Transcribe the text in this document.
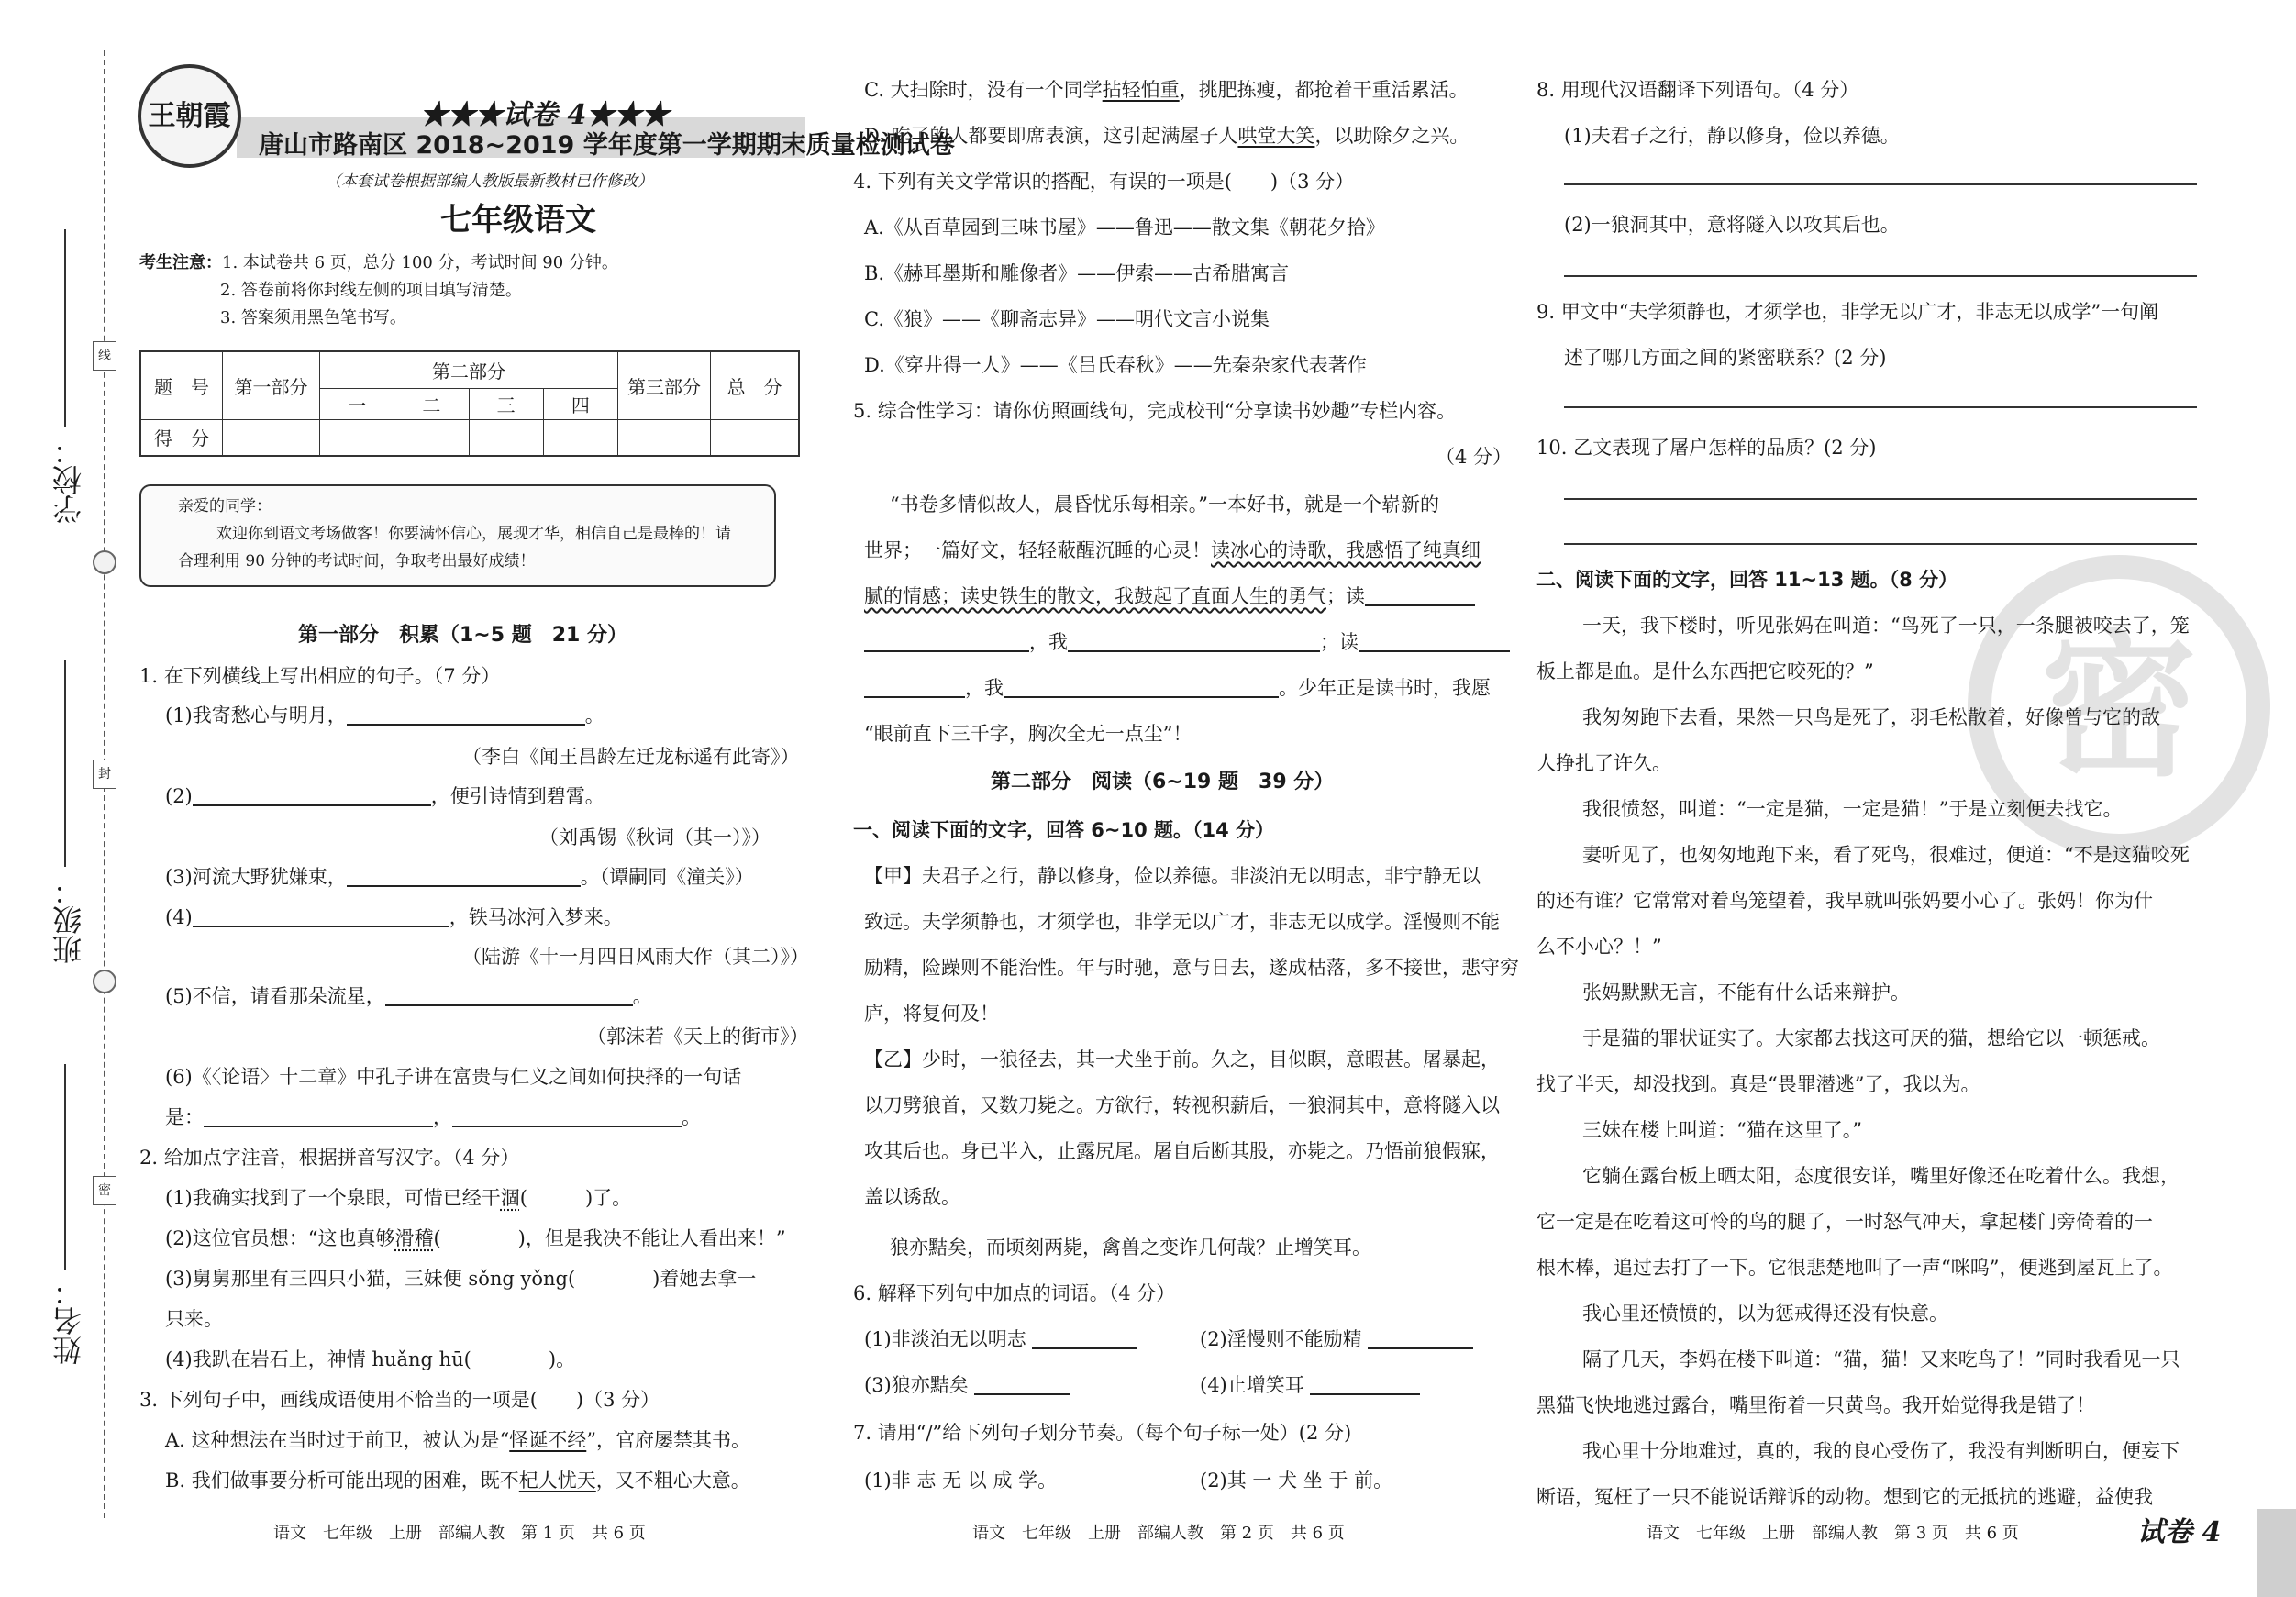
线
封
密
学校：
班级：
姓名：
王朝霞	★★★试卷 4★★★
唐山市路南区 2018~2019 学年度第一学期期末质量检测试卷
（本套试卷根据部编人教版最新教材已作修改）
七年级语文
考生注意：1. 本试卷共 6 页，总分 100 分，考试时间 90 分钟。
2. 答卷前将你封线左侧的项目填写清楚。
3. 答案须用黑色笔书写。
题　号	第一部分	第二部分				第三部分	总　分
		一	二	三	四		
得　分							
亲爱的同学：
欢迎你到语文考场做客！你要满怀信心，展现才华，相信自己是最棒的！请
合理利用 90 分钟的考试时间，争取考出最好成绩！
第一部分　积累（1~5 题　21 分）
1. 在下列横线上写出相应的句子。（7 分）
(1)我寄愁心与明月，	。
（李白《闻王昌龄左迁龙标遥有此寄》）
(2)	，便引诗情到碧霄。
（刘禹锡《秋词（其一）》）
(3)河流大野犹嫌束，	。（谭嗣同《潼关》）
(4)	，铁马冰河入梦来。
（陆游《十一月四日风雨大作（其二）》）
(5)不信，请看那朵流星，	。
（郭沫若《天上的街市》）
(6)《〈论语〉十二章》中孔子讲在富贵与仁义之间如何抉择的一句话
是：	，	。
2. 给加点字注音，根据拼音写汉字。（4 分）
(1)我确实找到了一个泉眼，可惜已经干涸(　　　)了。
(2)这位官员想：“这也真够滑稽(　　　　)，但是我决不能让人看出来！”
(3)舅舅那里有三四只小猫，三妹便 sǒng yǒng(　　　　)着她去拿一
只来。
(4)我趴在岩石上，神情 huǎng hū(　　　　)。
3. 下列句子中，画线成语使用不恰当的一项是(　　)（3 分）
A. 这种想法在当时过于前卫，被认为是“怪诞不经”，官府屡禁其书。
B. 我们做事要分析可能出现的困难，既不杞人忧天，又不粗心大意。
C. 大扫除时，没有一个同学拈轻怕重，挑肥拣瘦，都抢着干重活累活。
D. 吃了的人都要即席表演，这引起满屋子人哄堂大笑，以助除夕之兴。
4. 下列有关文学常识的搭配，有误的一项是(　　)（3 分）
A.《从百草园到三味书屋》——鲁迅——散文集《朝花夕拾》
B.《赫耳墨斯和雕像者》——伊索——古希腊寓言
C.《狼》——《聊斋志异》——明代文言小说集
D.《穿井得一人》——《吕氏春秋》——先秦杂家代表著作
5. 综合性学习：请你仿照画线句，完成校刊“分享读书妙趣”专栏内容。
（4 分）
“书卷多情似故人，晨昏忧乐每相亲。”一本好书，就是一个崭新的
世界；一篇好文，轻轻蔽醒沉睡的心灵！读冰心的诗歌，我感悟了纯真细
腻的情感；读史铁生的散文，我鼓起了直面人生的勇气；读
，我	；读
，我	。少年正是读书时，我愿
“眼前直下三千字，胸次全无一点尘”！
第二部分　阅读（6~19 题　39 分）
一、阅读下面的文字，回答 6~10 题。（14 分）
【甲】夫君子之行，静以修身，俭以养德。非淡泊无以明志，非宁静无以
致远。夫学须静也，才须学也，非学无以广才，非志无以成学。淫慢则不能
励精，险躁则不能治性。年与时驰，意与日去，遂成枯落，多不接世，悲守穷
庐，将复何及！
【乙】少时，一狼径去，其一犬坐于前。久之，目似瞑，意暇甚。屠暴起，
以刀劈狼首，又数刀毙之。方欲行，转视积薪后，一狼洞其中，意将隧入以
攻其后也。身已半入，止露尻尾。屠自后断其股，亦毙之。乃悟前狼假寐，
盖以诱敌。
狼亦黠矣，而顷刻两毙，禽兽之变诈几何哉？止增笑耳。
6. 解释下列句中加点的词语。（4 分）
(1)非淡泊无以明志	(2)淫慢则不能励精
(3)狼亦黠矣	(4)止增笑耳
7. 请用“/”给下列句子划分节奏。（每个句子标一处）(2 分)
(1)非 志 无 以 成 学。	(2)其 一 犬 坐 于 前。
密
8. 用现代汉语翻译下列语句。（4 分）
(1)夫君子之行，静以修身，俭以养德。
(2)一狼洞其中，意将隧入以攻其后也。
9. 甲文中“夫学须静也，才须学也，非学无以广才，非志无以成学”一句阐
述了哪几方面之间的紧密联系？(2 分)
10. 乙文表现了屠户怎样的品质？(2 分)
二、阅读下面的文字，回答 11~13 题。（8 分）
一天，我下楼时，听见张妈在叫道：“鸟死了一只，一条腿被咬去了，笼
板上都是血。是什么东西把它咬死的？”
我匆匆跑下去看，果然一只鸟是死了，羽毛松散着，好像曾与它的敌
人挣扎了许久。
我很愤怒，叫道：“一定是猫，一定是猫！”于是立刻便去找它。
妻听见了，也匆匆地跑下来，看了死鸟，很难过，便道：“不是这猫咬死
的还有谁？它常常对着鸟笼望着，我早就叫张妈要小心了。张妈！你为什
么不小心？！”
张妈默默无言，不能有什么话来辩护。
于是猫的罪状证实了。大家都去找这可厌的猫，想给它以一顿惩戒。
找了半天，却没找到。真是“畏罪潜逃”了，我以为。
三妹在楼上叫道：“猫在这里了。”
它躺在露台板上晒太阳，态度很安详，嘴里好像还在吃着什么。我想，
它一定是在吃着这可怜的鸟的腿了，一时怒气冲天，拿起楼门旁倚着的一
根木棒，追过去打了一下。它很悲楚地叫了一声“咪呜”，便逃到屋瓦上了。
我心里还愤愤的，以为惩戒得还没有快意。
隔了几天，李妈在楼下叫道：“猫，猫！又来吃鸟了！”同时我看见一只
黑猫飞快地逃过露台，嘴里衔着一只黄鸟。我开始觉得我是错了！
我心里十分地难过，真的，我的良心受伤了，我没有判断明白，便妄下
断语，冤枉了一只不能说话辩诉的动物。想到它的无抵抗的逃避，益使我
语文　七年级　上册　部编人教　第 1 页　共 6 页	语文　七年级　上册　部编人教　第 2 页　共 6 页	语文　七年级　上册　部编人教　第 3 页　共 6 页	试卷 4
